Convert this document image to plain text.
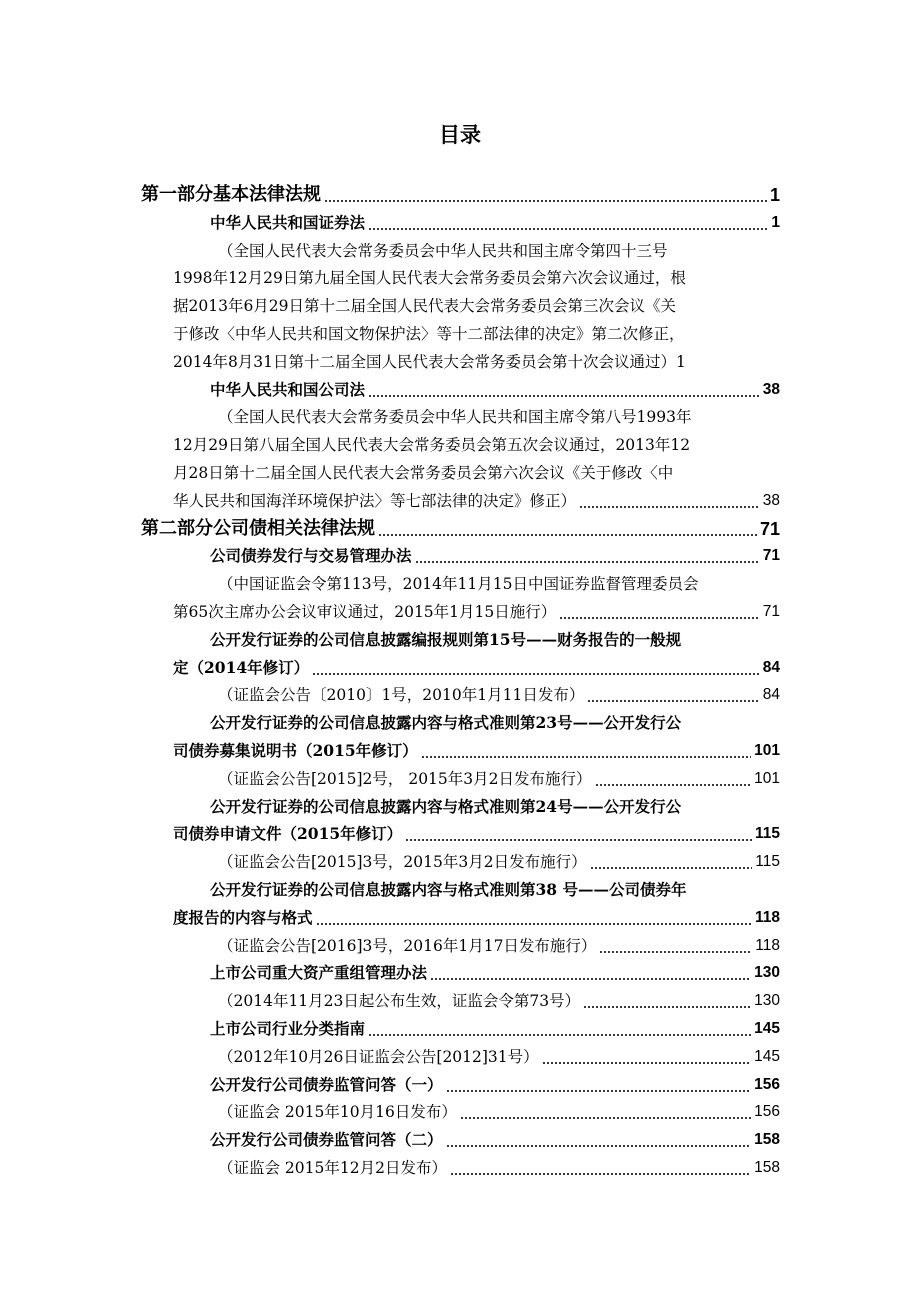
目录
第一部分基本法律法规	1
中华人民共和国证券法	1
（全国人民代表大会常务委员会中华人民共和国主席令第四十三号
1998年12月29日第九届全国人民代表大会常务委员会第六次会议通过，根
据2013年6月29日第十二届全国人民代表大会常务委员会第三次会议《关
于修改〈中华人民共和国文物保护法〉等十二部法律的决定》第二次修正，
2014年8月31日第十二届全国人民代表大会常务委员会第十次会议通过）1
中华人民共和国公司法	38
（全国人民代表大会常务委员会中华人民共和国主席令第八号1993年
12月29日第八届全国人民代表大会常务委员会第五次会议通过，2013年12
月28日第十二届全国人民代表大会常务委员会第六次会议《关于修改〈中
华人民共和国海洋环境保护法〉等七部法律的决定》修正）	38
第二部分公司债相关法律法规	71
公司债券发行与交易管理办法	71
（中国证监会令第113号，2014年11月15日中国证券监督管理委员会
第65次主席办公会议审议通过，2015年1月15日施行）	71
公开发行证券的公司信息披露编报规则第15号——财务报告的一般规
定（2014年修订）	84
（证监会公告〔2010〕1号，2010年1月11日发布）	84
公开发行证券的公司信息披露内容与格式准则第23号——公开发行公
司债券募集说明书（2015年修订）	101
（证监会公告[2015]2号， 2015年3月2日发布施行）	101
公开发行证券的公司信息披露内容与格式准则第24号——公开发行公
司债券申请文件（2015年修订）	115
（证监会公告[2015]3号，2015年3月2日发布施行）	115
公开发行证券的公司信息披露内容与格式准则第38 号——公司债券年
度报告的内容与格式	118
（证监会公告[2016]3号，2016年1月17日发布施行）	118
上市公司重大资产重组管理办法	130
（2014年11月23日起公布生效，证监会令第73号）	130
上市公司行业分类指南	145
（2012年10月26日证监会公告[2012]31号）	145
公开发行公司债券监管问答（一）	156
（证监会 2015年10月16日发布）	156
公开发行公司债券监管问答（二）	158
（证监会 2015年12月2日发布）	158
